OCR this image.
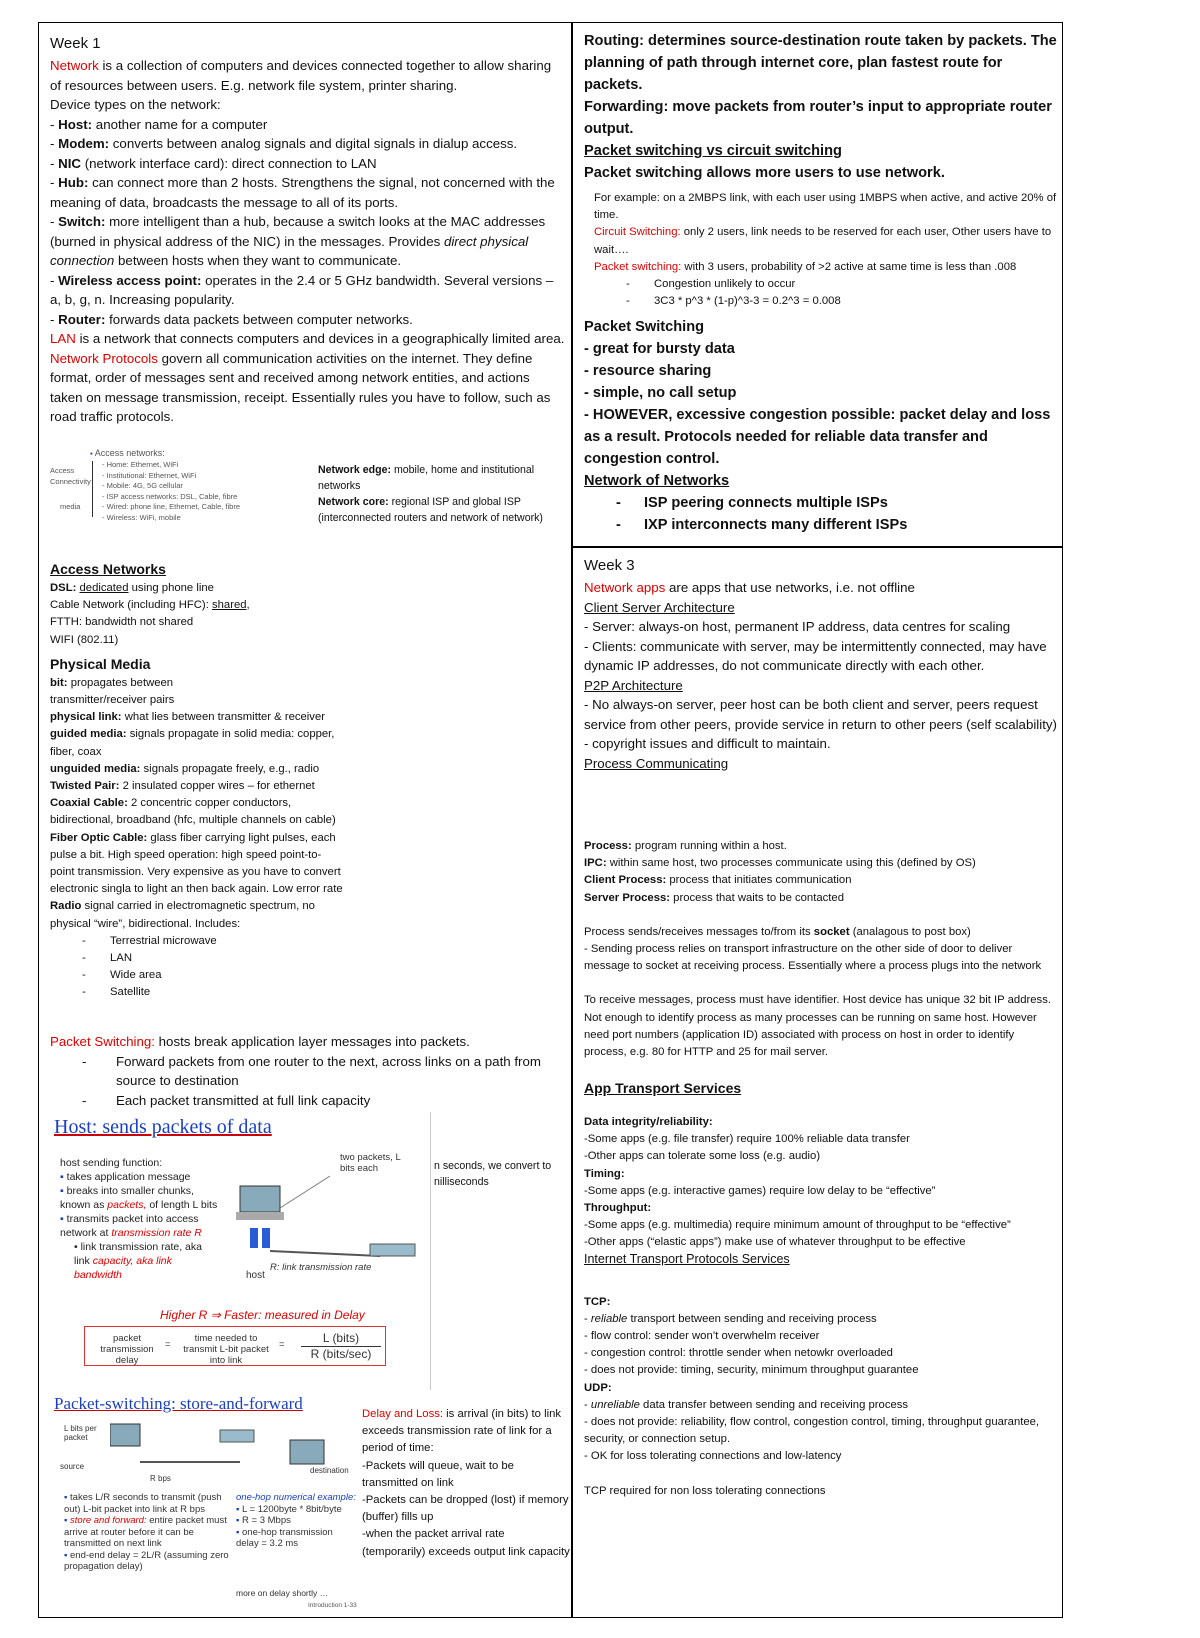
Week 1
Network is a collection of computers and devices connected together to allow sharing of resources between users. E.g. network file system, printer sharing.
Device types on the network:
- Host: another name for a computer
- Modem: converts between analog signals and digital signals in dialup access.
- NIC (network interface card): direct connection to LAN
- Hub: can connect more than 2 hosts. Strengthens the signal, not concerned with the meaning of data, broadcasts the message to all of its ports.
- Switch: more intelligent than a hub, because a switch looks at the MAC addresses (burned in physical address of the NIC) in the messages. Provides direct physical connection between hosts when they want to communicate.
- Wireless access point: operates in the 2.4 or 5 GHz bandwidth. Several versions – a, b, g, n. Increasing popularity.
- Router: forwards data packets between computer networks.
LAN is a network that connects computers and devices in a geographically limited area.
Network Protocols govern all communication activities on the internet. They define format, order of messages sent and received among network entities, and actions taken on message transmission, receipt. Essentially rules you have to follow, such as road traffic protocols.
▪ Access networks:
Access Connectivity
media
- Home: Ethernet, WiFi
- Institutional: Ethernet, WiFi
- Mobile: 4G, 5G cellular
- ISP access networks: DSL, Cable, fibre
- Wired: phone line, Ethernet, Cable, fibre
- Wireless: WiFi, mobile
Network edge: mobile, home and institutional networks
Network core: regional ISP and global ISP (interconnected routers and network of network)
Access Networks
DSL: dedicated using phone line
Cable Network (including HFC): shared,
FTTH: bandwidth not shared
WIFI (802.11)
Physical Media
bit: propagates between
transmitter/receiver pairs
physical link: what lies between transmitter & receiver
guided media: signals propagate in solid media: copper,
fiber, coax
unguided media: signals propagate freely, e.g., radio
Twisted Pair: 2 insulated copper wires – for ethernet
Coaxial Cable: 2 concentric copper conductors,
bidirectional, broadband (hfc, multiple channels on cable)
Fiber Optic Cable: glass fiber carrying light pulses, each
pulse a bit. High speed operation: high speed point-to-
point transmission. Very expensive as you have to convert
electronic singla to light an then back again. Low error rate
Radio signal carried in electromagnetic spectrum, no
physical “wire”, bidirectional. Includes:
- Terrestrial microwave
- LAN
- Wide area
- Satellite
Packet Switching: hosts break application layer messages into packets.
- Forward packets from one router to the next, across links on a path from source to destination
- Each packet transmitted at full link capacity
Host: sends packets of data
host sending function:
▪ takes application message
▪ breaks into smaller chunks, known as packets, of length L bits
▪ transmits packet into access network at transmission rate R
• link transmission rate, aka link capacity, aka link bandwidth
two packets, L bits each
R: link transmission rate
host
Higher R ⇒ Faster: measured in Delay
packet transmission delay
=
time needed to transmit L-bit packet into link
=	L (bits)
R (bits/sec)
n seconds, we convert to
nilliseconds
Packet-switching: store-and-forward
L bits per packet
source
R bps
destination
▪ takes L/R seconds to transmit (push out) L-bit packet into link at R bps
▪ store and forward: entire packet must arrive at router before it can be transmitted on next link
▪ end-end delay = 2L/R (assuming zero propagation delay)
one-hop numerical example:
▪ L = 1200byte * 8bit/byte
▪ R = 3 Mbps
▪ one-hop transmission delay = 3.2 ms
more on delay shortly …
Introduction 1-33
Delay and Loss: is arrival (in bits) to link exceeds transmission rate of link for a period of time:
-Packets will queue, wait to be transmitted on link
-Packets can be dropped (lost) if memory (buffer) fills up
-when the packet arrival rate (temporarily) exceeds output link capacity
Routing: determines source-destination route taken by packets. The planning of path through internet core, plan fastest route for packets.
Forwarding: move packets from router’s input to appropriate router output.
Packet switching vs circuit switching
Packet switching allows more users to use network.
For example: on a 2MBPS link, with each user using 1MBPS when active, and active 20% of time.
Circuit Switching: only 2 users, link needs to be reserved for each user, Other users have to wait….
Packet switching: with 3 users, probability of >2 active at same time is less than .008
- Congestion unlikely to occur
- 3C3 * p^3 * (1-p)^3-3 = 0.2^3 = 0.008
Packet Switching
- great for bursty data
- resource sharing
- simple, no call setup
- HOWEVER, excessive congestion possible: packet delay and loss as a result. Protocols needed for reliable data transfer and congestion control.
Network of Networks
- ISP peering connects multiple ISPs
- IXP interconnects many different ISPs
Week 3
Network apps are apps that use networks, i.e. not offline
Client Server Architecture
- Server: always-on host, permanent IP address, data centres for scaling
- Clients: communicate with server, may be intermittently connected, may have dynamic IP addresses, do not communicate directly with each other.
P2P Architecture
- No always-on server, peer host can be both client and server, peers request service from other peers, provide service in return to other peers (self scalability)
- copyright issues and difficult to maintain.
Process Communicating
Process: program running within a host.
IPC: within same host, two processes communicate using this (defined by OS)
Client Process: process that initiates communication
Server Process: process that waits to be contacted
Process sends/receives messages to/from its socket (analagous to post box)
- Sending process relies on transport infrastructure on the other side of door to deliver message to socket at receiving process. Essentially where a process plugs into the network
To receive messages, process must have identifier. Host device has unique 32 bit IP address. Not enough to identify process as many processes can be running on same host. However need port numbers (application ID) associated with process on host in order to identify process, e.g. 80 for HTTP and 25 for mail server.
App Transport Services
Data integrity/reliability:
-Some apps (e.g. file transfer) require 100% reliable data transfer
-Other apps can tolerate some loss (e.g. audio)
Timing:
-Some apps (e.g. interactive games) require low delay to be “effective”
Throughput:
-Some apps (e.g. multimedia) require minimum amount of throughput to be “effective”
-Other apps (“elastic apps”) make use of whatever throughput to be effective
Internet Transport Protocols Services
TCP:
- reliable transport between sending and receiving process
- flow control: sender won’t overwhelm receiver
- congestion control: throttle sender when netowkr overloaded
- does not provide: timing, security, minimum throughput guarantee
UDP:
- unreliable data transfer between sending and receiving process
- does not provide: reliability, flow control, congestion control, timing, throughput guarantee, security, or connection setup.
- OK for loss tolerating connections and low-latency
TCP required for non loss tolerating connections
